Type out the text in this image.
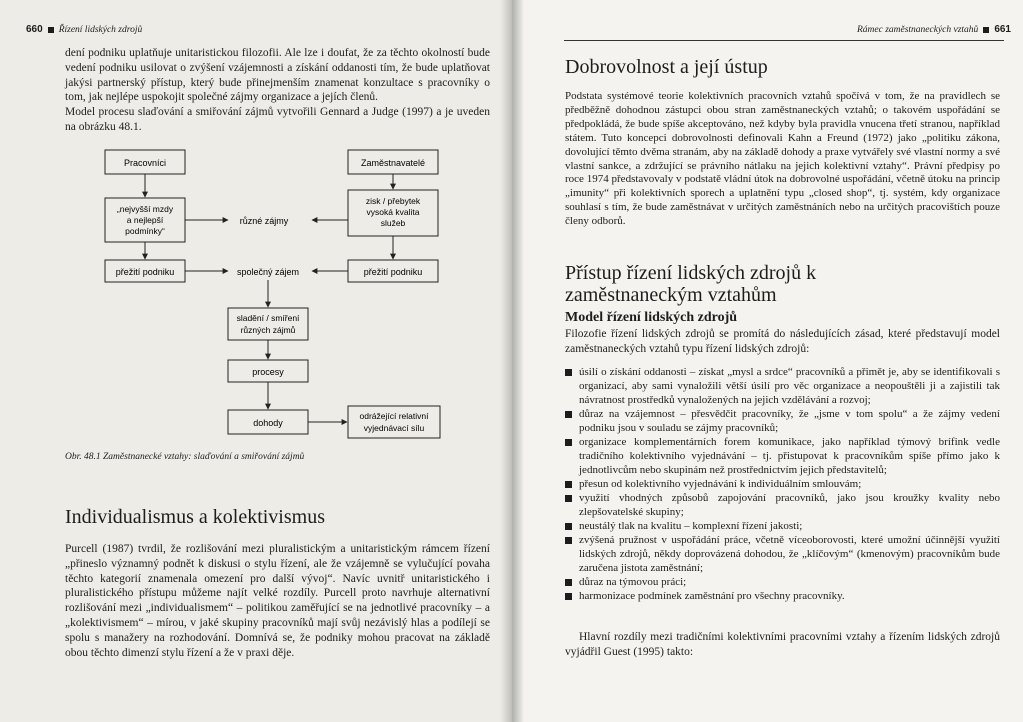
660 Řízení lidských zdrojů

dení podniku uplatňuje unitaristickou filozofii. Ale lze i doufat, že za těchto okolností bude vedení podniku usilovat o zvýšení vzájemnosti a získání oddanosti tím, že bude uplatňovat jakýsi partnerský přístup, který bude přinejmenším znamenat konzultace s pracovníky o tom, jak nejlépe uspokojit společné zájmy organizace a jejích členů.

Model procesu slaďování a smiřování zájmů vytvořili Gennard a Judge (1997) a je uveden na obrázku 48.1.

Pracovníci	Zaměstnavatelé
„nejvyšší mzdy
a nejlepší
podmínky“
různé zájmy
zisk / přebytek
vysoká kvalita
služeb
přežití podniku	společný zájem	přežití podniku
sladění / smíření
různých zájmů
procesy
dohody
odrážející relativní
vyjednávací sílu
Obr. 48.1 Zaměstnanecké vztahy: slaďování a smiřování zájmů
Individualismus a kolektivismus

Purcell (1987) tvrdil, že rozlišování mezi pluralistickým a unitaristickým rámcem řízení „přineslo významný podnět k diskusi o stylu řízení, ale že vzájemně se vylučující povaha těchto kategorií znamenala omezení pro další vývoj“. Navíc uvnitř unitaristického i pluralistického přístupu můžeme najít velké rozdíly. Purcell proto navrhuje alternativní rozlišování mezi „individualismem“ – politikou zaměřující se na jednotlivé pracovníky – a „kolektivismem“ – mírou, v jaké skupiny pracovníků mají svůj nezávislý hlas a podílejí se spolu s manažery na rozhodování. Domnívá se, že podniky mohou pracovat na základě obou těchto dimenzí stylu řízení a že v praxi děje.

Rámec zaměstnaneckých vztahů 661
Dobrovolnost a její ústup

Podstata systémové teorie kolektivních pracovních vztahů spočívá v tom, že na pravidlech se předběžně dohodnou zástupci obou stran zaměstnaneckých vztahů; o takovém uspořádání se předpokládá, že bude spíše akceptováno, než kdyby byla pravidla vnucena třetí stranou, například státem. Tuto koncepci dobrovolnosti definovali Kahn a Freund (1972) jako „politiku zákona, dovolující těmto dvěma stranám, aby na základě dohody a praxe vytvářely své vlastní normy a své vlastní sankce, a zdržující se právního nátlaku na jejich kolektivní vztahy“. Právní předpisy po roce 1974 představovaly v podstatě vládní útok na dobrovolné uspořádání, včetně útoku na princip „imunity“ při kolektivních sporech a uplatnění typu „closed shop“, tj. systém, kdy organizace souhlasí s tím, že bude zaměstnávat v určitých zaměstnáních nebo na určitých pracovištích pouze členy odborů.

Přístup řízení lidských zdrojů k zaměstnaneckým vztahům
Model řízení lidských zdrojů

Filozofie řízení lidských zdrojů se promítá do následujících zásad, které představují model zaměstnaneckých vztahů typu řízení lidských zdrojů:

úsilí o získání oddanosti – získat „mysl a srdce“ pracovníků a přimět je, aby se identifikovali s organizací, aby sami vynaložili větší úsilí pro věc organizace a neopouštěli ji a zajistili tak návratnost prostředků vynaložených na jejich vzdělávání a rozvoj;
důraz na vzájemnost – přesvědčit pracovníky, že „jsme v tom spolu“ a že zájmy vedení podniku jsou v souladu se zájmy pracovníků;
organizace komplementárních forem komunikace, jako například týmový brífink vedle tradičního kolektivního vyjednávání – tj. přistupovat k pracovníkům spíše přímo jako k jednotlivcům nebo skupinám než prostřednictvím jejich představitelů;
přesun od kolektivního vyjednávání k individuálním smlouvám;
využití vhodných způsobů zapojování pracovníků, jako jsou kroužky kvality nebo zlepšovatelské skupiny;
neustálý tlak na kvalitu – komplexní řízení jakosti;
zvýšená pružnost v uspořádání práce, včetně víceoborovosti, které umožní účinnější využití lidských zdrojů, někdy doprovázená dohodou, že „klíčovým“ (kmenovým) pracovníkům bude zaručena jistota zaměstnání;
důraz na týmovou práci;
harmonizace podmínek zaměstnání pro všechny pracovníky.

Hlavní rozdíly mezi tradičními kolektivními pracovními vztahy a řízením lidských zdrojů vyjádřil Guest (1995) takto:
